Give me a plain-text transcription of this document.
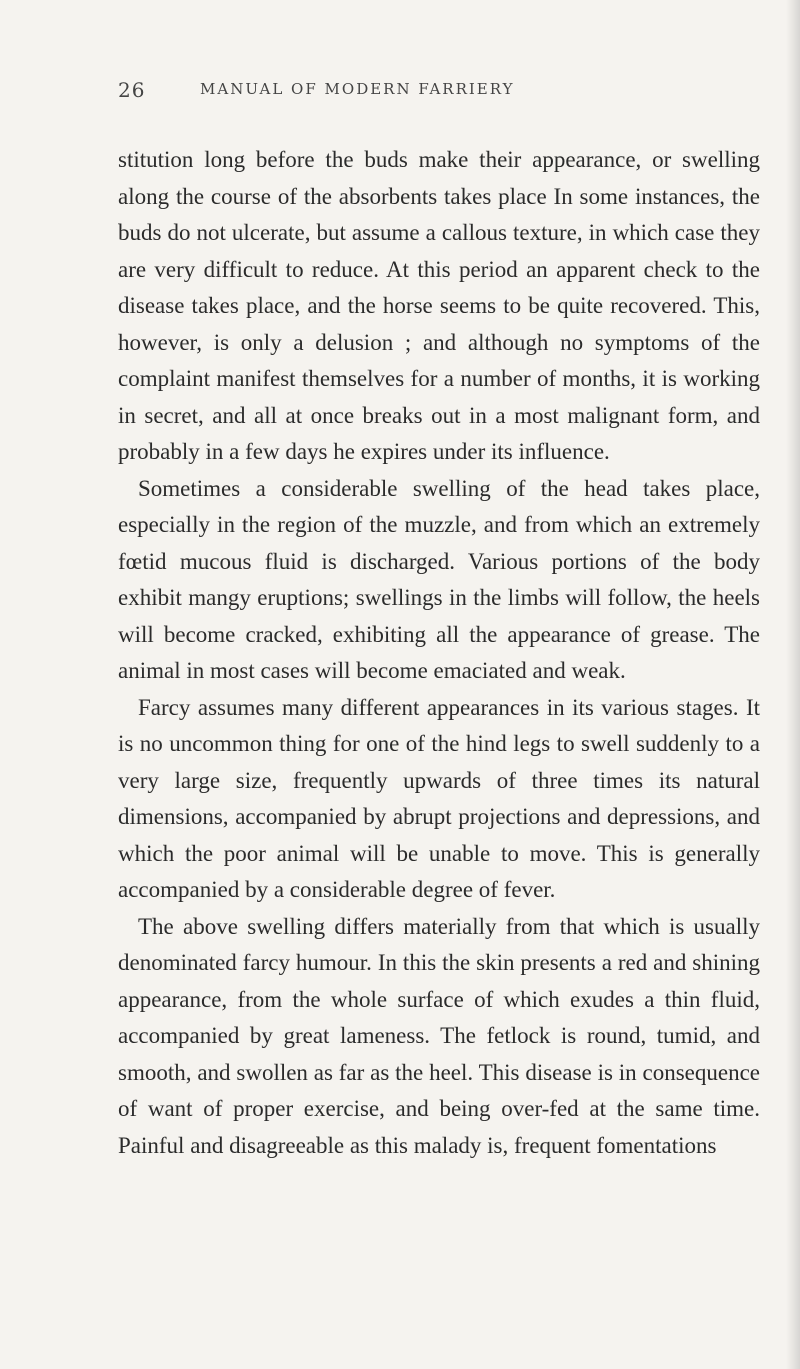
26	MANUAL OF MODERN FARRIERY

stitution long before the buds make their appearance, or swelling along the course of the absorbents takes place In some instances, the buds do not ulcerate, but assume a callous texture, in which case they are very difficult to reduce. At this period an apparent check to the disease takes place, and the horse seems to be quite recovered. This, however, is only a delusion ; and although no symptoms of the complaint manifest themselves for a number of months, it is working in secret, and all at once breaks out in a most malignant form, and probably in a few days he expires under its influence.

Sometimes a considerable swelling of the head takes place, especially in the region of the muzzle, and from which an extremely fœtid mucous fluid is discharged. Various portions of the body exhibit mangy eruptions; swellings in the limbs will follow, the heels will become cracked, exhibiting all the appearance of grease. The animal in most cases will become emaciated and weak.

Farcy assumes many different appearances in its various stages. It is no uncommon thing for one of the hind legs to swell suddenly to a very large size, frequently upwards of three times its natural dimensions, accompanied by abrupt projections and depressions, and which the poor animal will be unable to move. This is generally accompanied by a considerable degree of fever.

The above swelling differs materially from that which is usually denominated farcy humour. In this the skin presents a red and shining appearance, from the whole surface of which exudes a thin fluid, accompanied by great lameness. The fetlock is round, tumid, and smooth, and swollen as far as the heel. This disease is in consequence of want of proper exercise, and being over-fed at the same time. Painful and disagreeable as this malady is, frequent fomentations
